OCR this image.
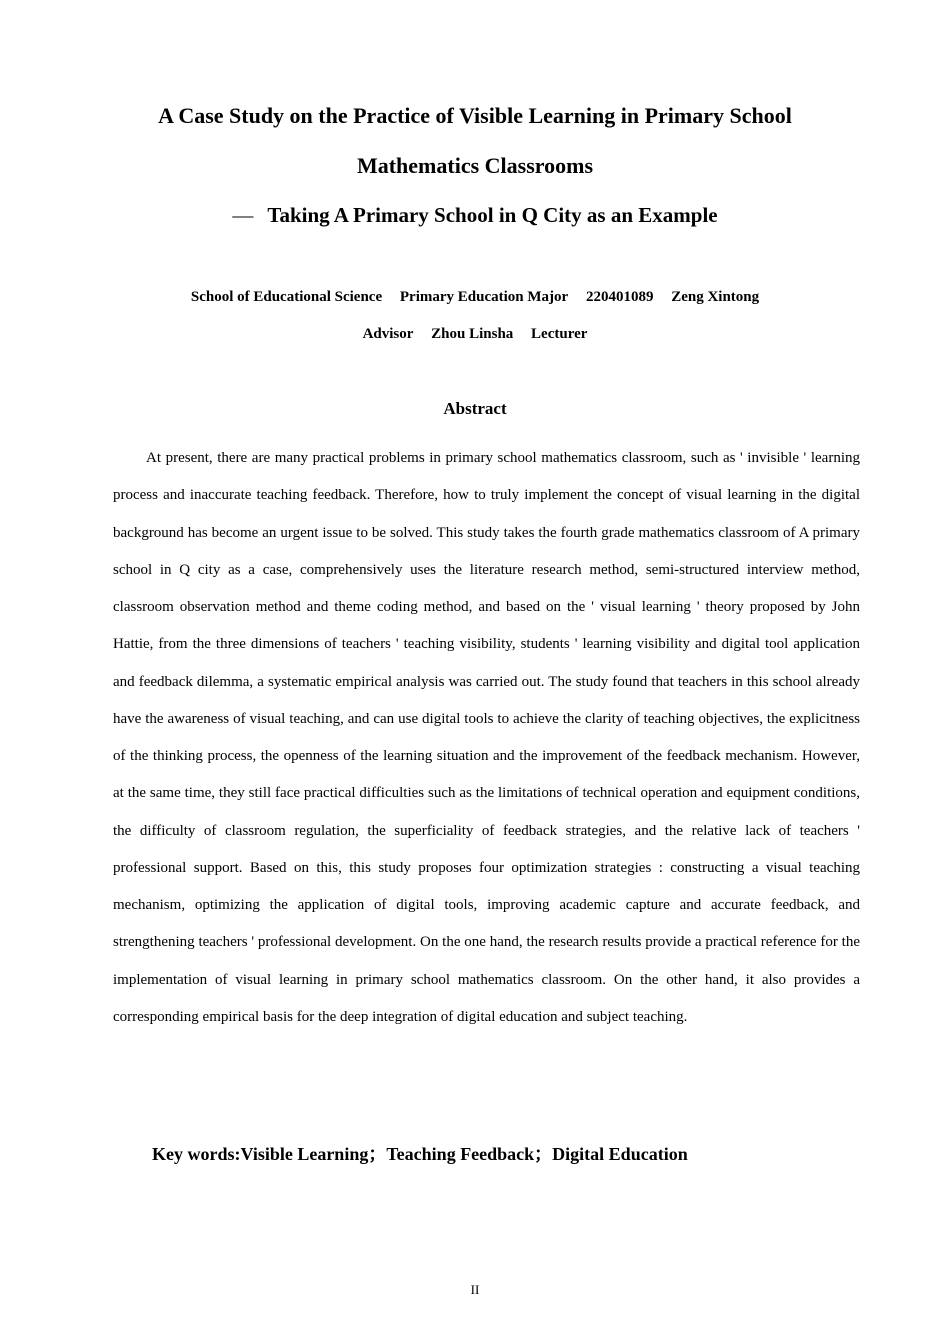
A Case Study on the Practice of Visible Learning in Primary School
Mathematics Classrooms
— Taking A Primary School in Q City as an Example
School of Educational Science Primary Education Major 220401089 Zeng Xintong
Advisor Zhou Linsha Lecturer
Abstract

At present, there are many practical problems in primary school mathematics classroom, such as ' invisible ' learning process and inaccurate teaching feedback. Therefore, how to truly implement the concept of visual learning in the digital background has become an urgent issue to be solved. This study takes the fourth grade mathematics classroom of A primary school in Q city as a case, comprehensively uses the literature research method, semi-structured interview method, classroom observation method and theme coding method, and based on the ' visual learning ' theory proposed by John Hattie, from the three dimensions of teachers ' teaching visibility, students ' learning visibility and digital tool application and feedback dilemma, a systematic empirical analysis was carried out. The study found that teachers in this school already have the awareness of visual teaching, and can use digital tools to achieve the clarity of teaching objectives, the explicitness of the thinking process, the openness of the learning situation and the improvement of the feedback mechanism. However, at the same time, they still face practical difficulties such as the limitations of technical operation and equipment conditions, the difficulty of classroom regulation, the superficiality of feedback strategies, and the relative lack of teachers ' professional support. Based on this, this study proposes four optimization strategies : constructing a visual teaching mechanism, optimizing the application of digital tools, improving academic capture and accurate feedback, and strengthening teachers ' professional development. On the one hand, the research results provide a practical reference for the implementation of visual learning in primary school mathematics classroom. On the other hand, it also provides a corresponding empirical basis for the deep integration of digital education and subject teaching.

Key words:Visible Learning；Teaching Feedback；Digital Education
II
